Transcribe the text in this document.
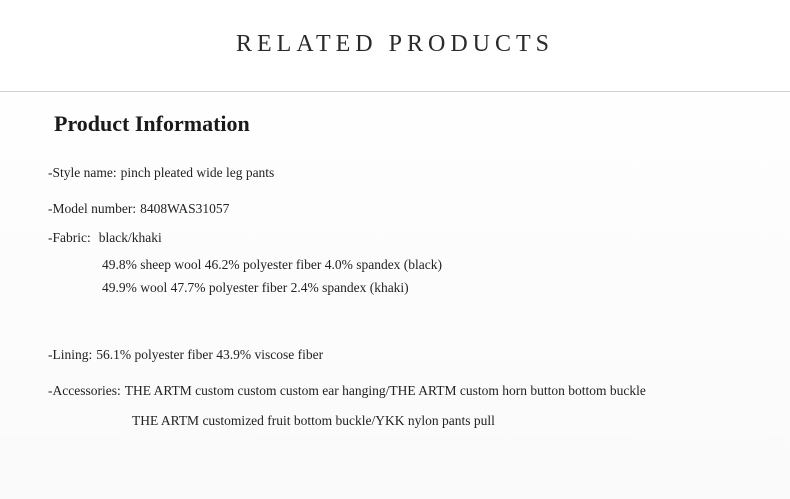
RELATED PRODUCTS
Product Information

-Style name: pinch pleated wide leg pants

-Model number: 8408WAS31057

-Fabric: black/khaki

49.8% sheep wool 46.2% polyester fiber 4.0% spandex (black)

49.9% wool 47.7% polyester fiber 2.4% spandex (khaki)

-Lining: 56.1% polyester fiber 43.9% viscose fiber

-Accessories: THE ARTM custom custom custom ear hanging/THE ARTM custom horn button bottom buckle

THE ARTM customized fruit bottom buckle/YKK nylon pants pull
